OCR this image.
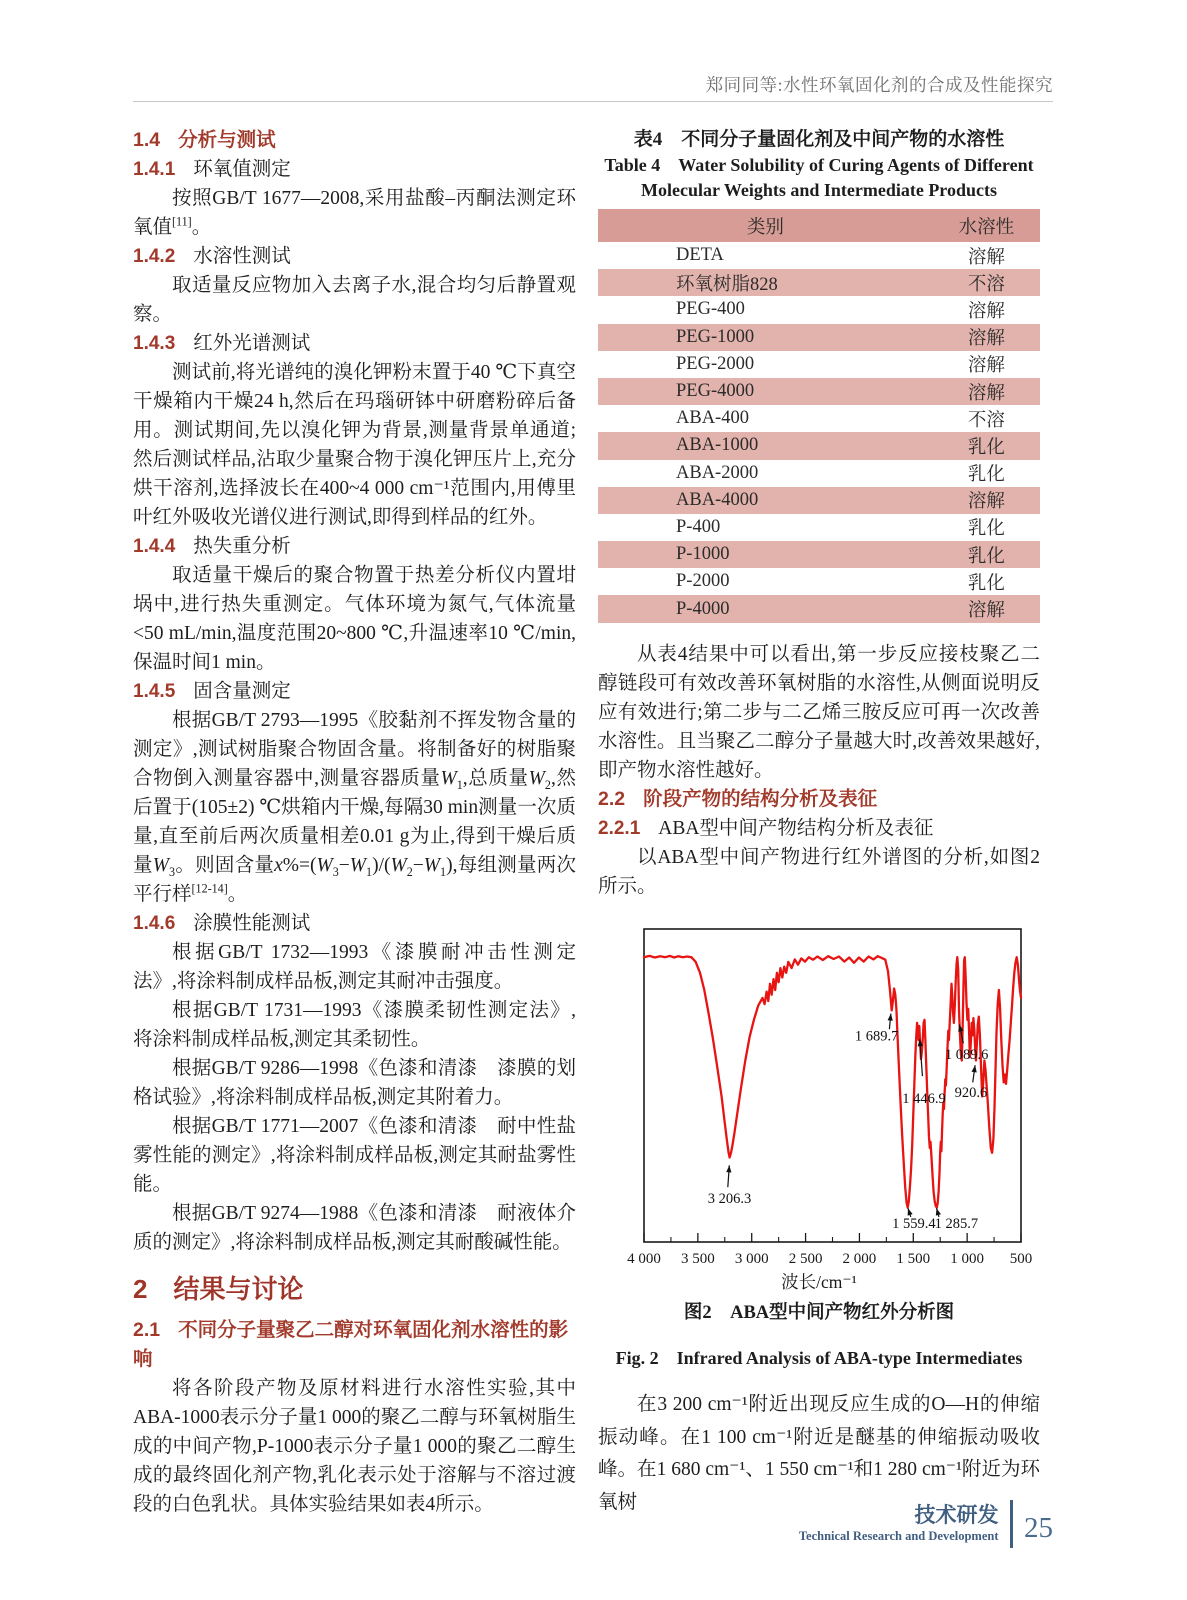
郑同同等:水性环氧固化剂的合成及性能探究

1.4 分析与测试

1.4.1 环氧值测定

按照GB/T 1677—2008,采用盐酸–丙酮法测定环氧值[11]。

1.4.2 水溶性测试

取适量反应物加入去离子水,混合均匀后静置观察。

1.4.3 红外光谱测试

测试前,将光谱纯的溴化钾粉末置于40 ℃下真空干燥箱内干燥24 h,然后在玛瑙研钵中研磨粉碎后备用。测试期间,先以溴化钾为背景,测量背景单通道;然后测试样品,沾取少量聚合物于溴化钾压片上,充分烘干溶剂,选择波长在400~4 000 cm⁻¹范围内,用傅里叶红外吸收光谱仪进行测试,即得到样品的红外。

1.4.4 热失重分析

取适量干燥后的聚合物置于热差分析仪内置坩埚中,进行热失重测定。气体环境为氮气,气体流量<50 mL/min,温度范围20~800 ℃,升温速率10 ℃/min,保温时间1 min。

1.4.5 固含量测定

根据GB/T 2793—1995《胶黏剂不挥发物含量的测定》,测试树脂聚合物固含量。将制备好的树脂聚合物倒入测量容器中,测量容器质量$W_1$,总质量$W_2$,然后置于(105±2) ℃烘箱内干燥,每隔30 min测量一次质量,直至前后两次质量相差0.01 g为止,得到干燥后质量$W_3$。则固含量$x\%=(W_3-W_1)/(W_2-W_1)$,每组测量两次平行样[12-14]。

1.4.6 涂膜性能测试

根据GB/T 1732—1993《漆膜耐冲击性测定法》,将涂料制成样品板,测定其耐冲击强度。

根据GB/T 1731—1993《漆膜柔韧性测定法》,将涂料制成样品板,测定其柔韧性。

根据GB/T 9286—1998《色漆和清漆　漆膜的划格试验》,将涂料制成样品板,测定其附着力。

根据GB/T 1771—2007《色漆和清漆　耐中性盐雾性能的测定》,将涂料制成样品板,测定其耐盐雾性能。

根据GB/T 9274—1988《色漆和清漆　耐液体介质的测定》,将涂料制成样品板,测定其耐酸碱性能。

2 结果与讨论

2.1 不同分子量聚乙二醇对环氧固化剂水溶性的影响

将各阶段产物及原材料进行水溶性实验,其中ABA-1000表示分子量1 000的聚乙二醇与环氧树脂生成的中间产物,P-1000表示分子量1 000的聚乙二醇生成的最终固化剂产物,乳化表示处于溶解与不溶过渡段的白色乳状。具体实验结果如表4所示。

表4　不同分子量固化剂及中间产物的水溶性

Table 4　Water Solubility of Curing Agents of Different

Molecular Weights and Intermediate Products

类别	水溶性
DETA	溶解
环氧树脂828	不溶
PEG-400	溶解
PEG-1000	溶解
PEG-2000	溶解
PEG-4000	溶解
ABA-400	不溶
ABA-1000	乳化
ABA-2000	乳化
ABA-4000	溶解
P-400	乳化
P-1000	乳化
P-2000	乳化
P-4000	溶解

从表4结果中可以看出,第一步反应接枝聚乙二醇链段可有效改善环氧树脂的水溶性,从侧面说明反应有效进行;第二步与二乙烯三胺反应可再一次改善水溶性。且当聚乙二醇分子量越大时,改善效果越好,即产物水溶性越好。

2.2 阶段产物的结构分析及表征

2.2.1 ABA型中间产物结构分析及表征

以ABA型中间产物进行红外谱图的分析,如图2所示。

4 000 3 500 3 000 2 500 2 000 1 500 1 000 500
3 206.3
1 689.7
1 446.9
1 089.6
920.6
1 559.4
1 285.7
波长/cm⁻¹

图2　ABA型中间产物红外分析图

Fig. 2　Infrared Analysis of ABA-type Intermediates

在3 200 cm⁻¹附近出现反应生成的O—H的伸缩振动峰。在1 100 cm⁻¹附近是醚基的伸缩振动吸收峰。在1 680 cm⁻¹、1 550 cm⁻¹和1 280 cm⁻¹附近为环氧树

技术研发
Technical Research and Development 25
